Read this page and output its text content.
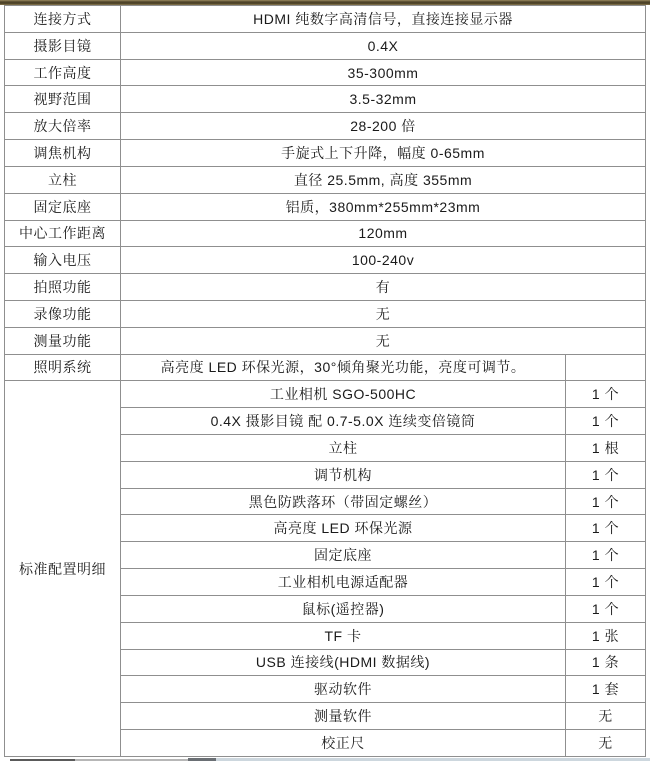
连接方式	HDMI 纯数字高清信号，直接连接显示器	
摄影目镜	0.4X	
工作高度	35-300mm	
视野范围	3.5-32mm	
放大倍率	28-200 倍	
调焦机构	手旋式上下升降，幅度 0-65mm	
立柱	直径 25.5mm, 高度 355mm	
固定底座	铝质，380mm*255mm*23mm	
中心工作距离	120mm	
输入电压	100-240v	
拍照功能	有	
录像功能	无	
测量功能	无	
照明系统	高亮度 LED 环保光源，30°倾角聚光功能，亮度可调节。	
标准配置明细	工业相机 SGO-500HC	1 个
	0.4X 摄影目镜 配 0.7-5.0X 连续变倍镜筒	1 个
	立柱	1 根
	调节机构	1 个
	黑色防跌落环（带固定螺丝）	1 个
	高亮度 LED 环保光源	1 个
	固定底座	1 个
	工业相机电源适配器	1 个
	鼠标(遥控器)	1 个
	TF 卡	1 张
	USB 连接线(HDMI 数据线)	1 条
	驱动软件	1 套
	测量软件	无
	校正尺	无
